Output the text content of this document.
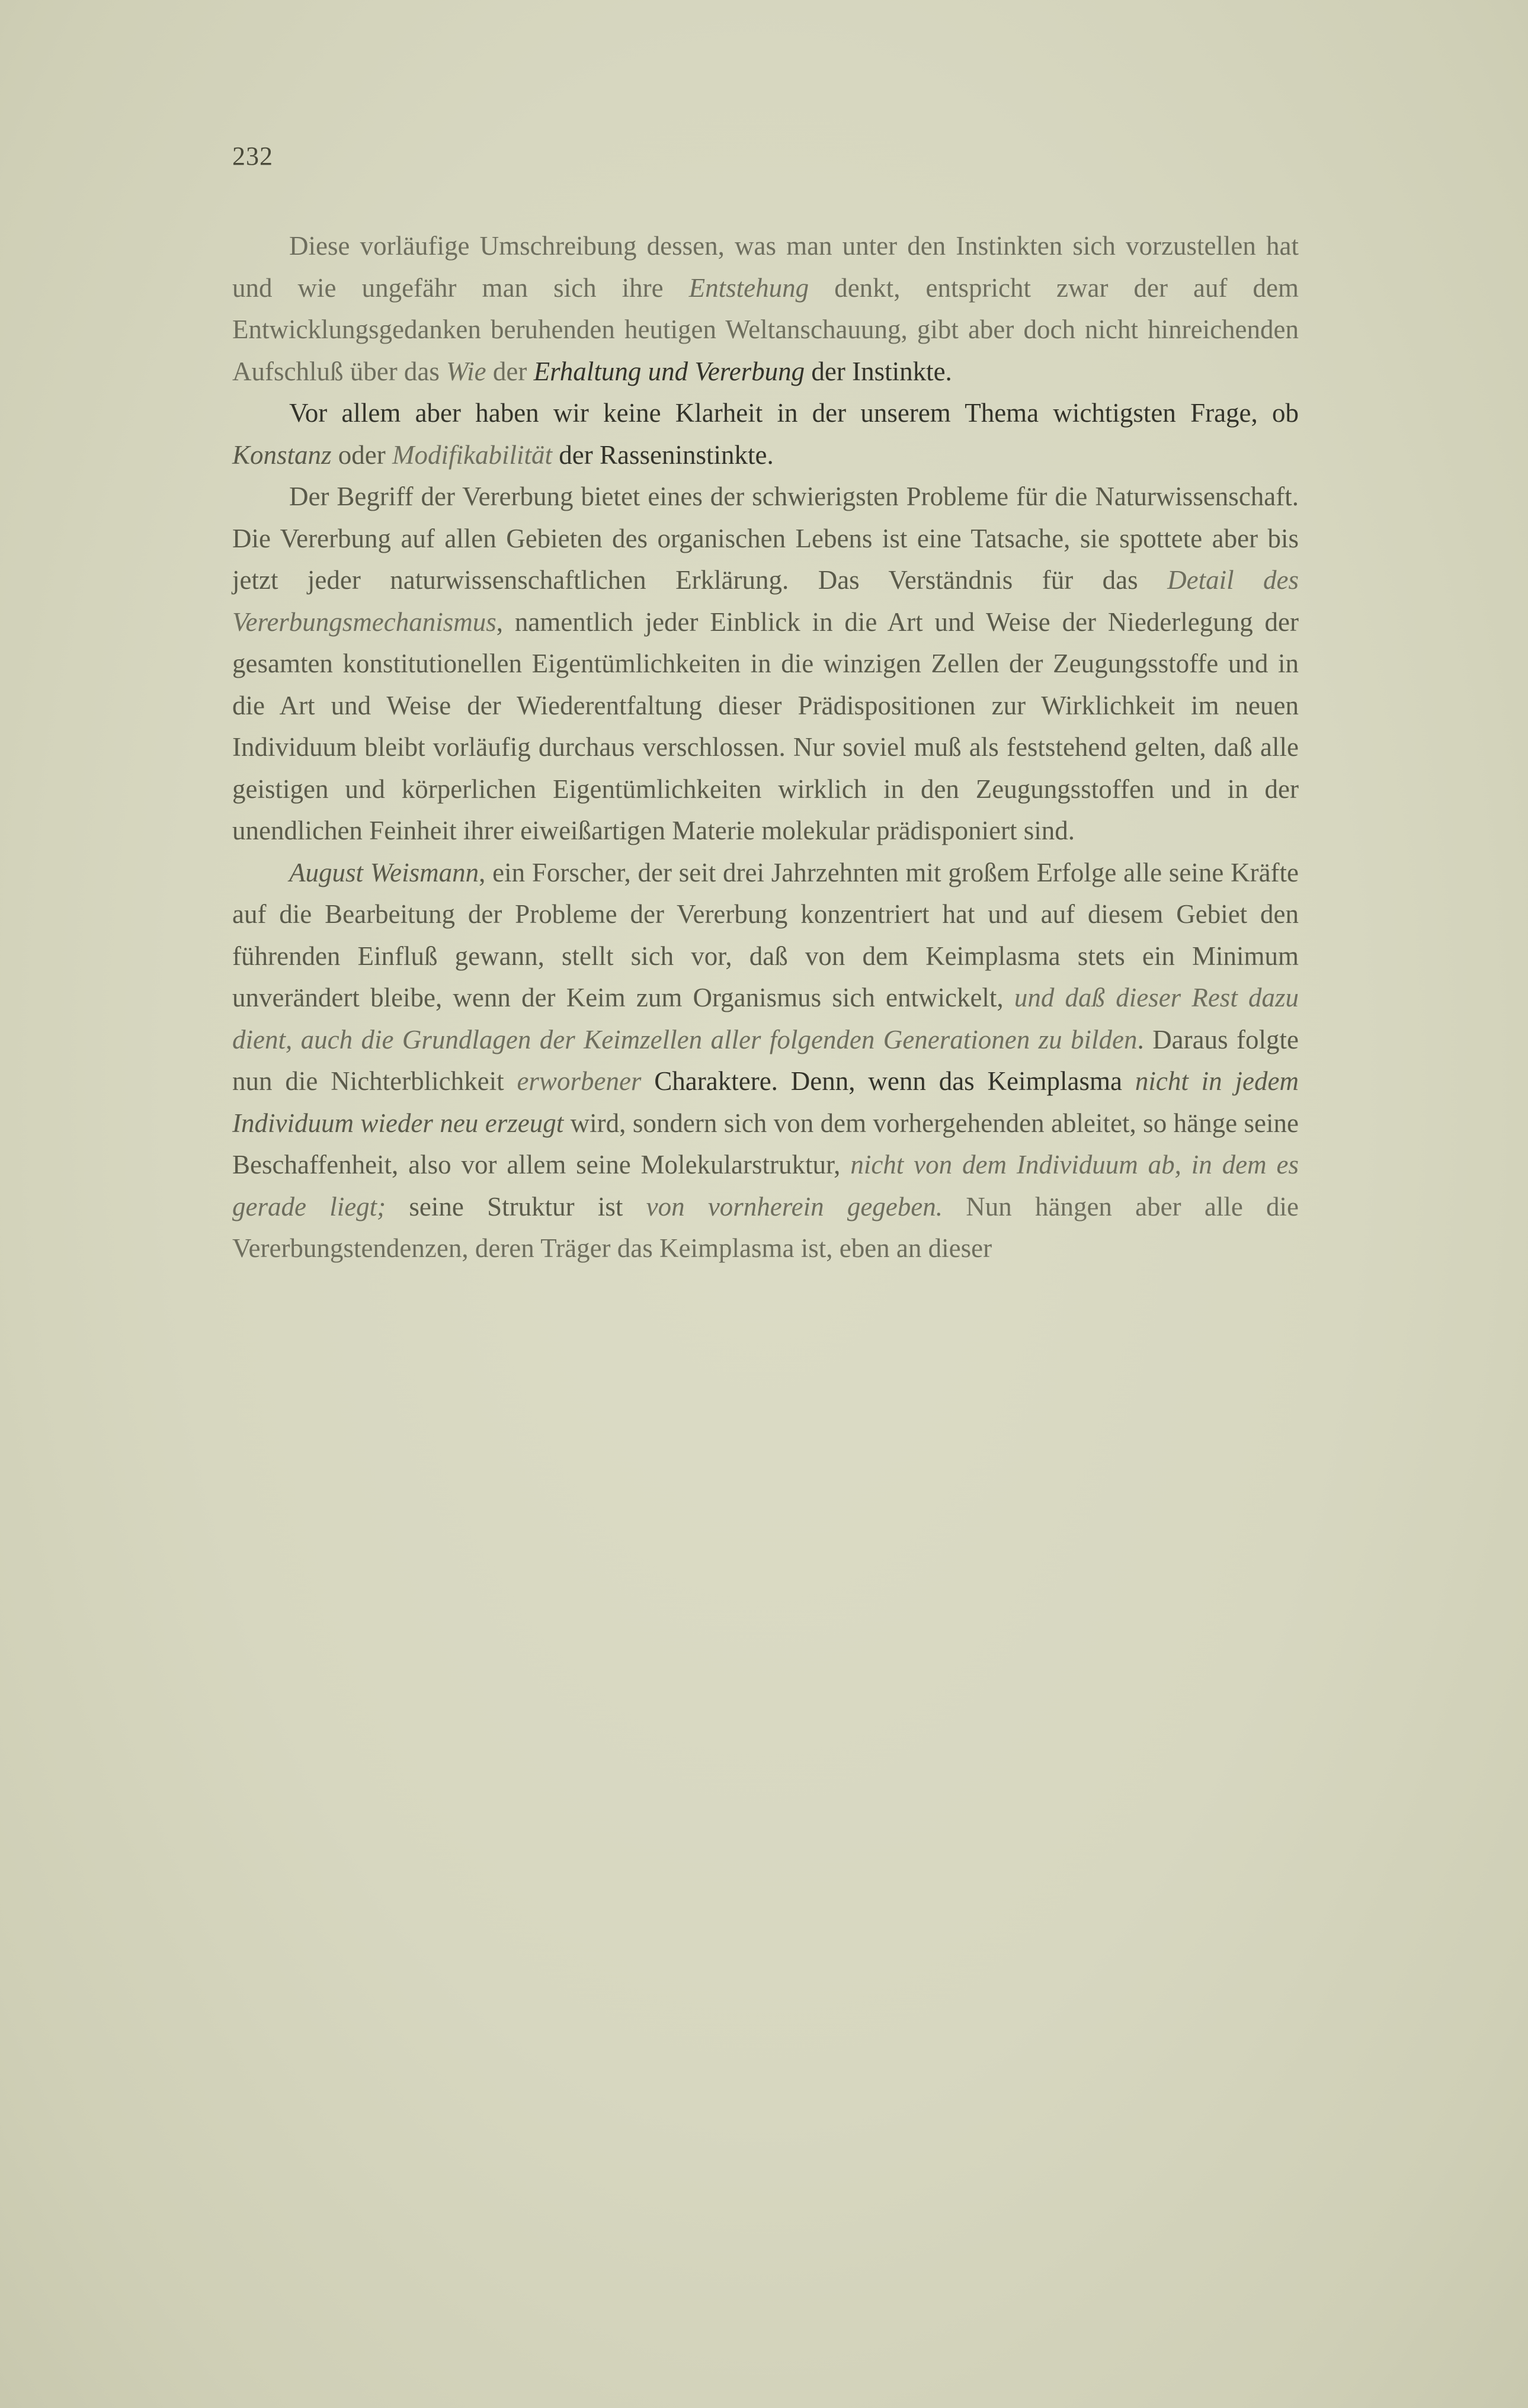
232

Diese vorläufige Umschreibung dessen, was man unter den Instinkten sich vorzustellen hat und wie ungefähr man sich ihre Entstehung denkt, entspricht zwar der auf dem Entwicklungsgedanken beruhenden heutigen Weltanschauung, gibt aber doch nicht hinreichenden Aufschluß über das Wie der Erhaltung und Vererbung der Instinkte.

Vor allem aber haben wir keine Klarheit in der unserem Thema wichtigsten Frage, ob Konstanz oder Modifikabilität der Rasseninstinkte.

Der Begriff der Vererbung bietet eines der schwierigsten Probleme für die Naturwissenschaft. Die Vererbung auf allen Gebieten des organischen Lebens ist eine Tatsache, sie spottete aber bis jetzt jeder naturwissenschaftlichen Erklärung. Das Verständnis für das Detail des Vererbungsmechanismus, namentlich jeder Einblick in die Art und Weise der Niederlegung der gesamten konstitutionellen Eigentümlichkeiten in die winzigen Zellen der Zeugungsstoffe und in die Art und Weise der Wiederentfaltung dieser Prädispositionen zur Wirklichkeit im neuen Individuum bleibt vorläufig durchaus verschlossen. Nur soviel muß als feststehend gelten, daß alle geistigen und körperlichen Eigentümlichkeiten wirklich in den Zeugungsstoffen und in der unendlichen Feinheit ihrer eiweißartigen Materie molekular prädisponiert sind.

August Weismann, ein Forscher, der seit drei Jahrzehnten mit großem Erfolge alle seine Kräfte auf die Bearbeitung der Probleme der Vererbung konzentriert hat und auf diesem Gebiet den führenden Einfluß gewann, stellt sich vor, daß von dem Keimplasma stets ein Minimum unverändert bleibe, wenn der Keim zum Organismus sich entwickelt, und daß dieser Rest dazu dient, auch die Grundlagen der Keimzellen aller folgenden Generationen zu bilden. Daraus folgte nun die Nichterblichkeit erworbener Charaktere. Denn, wenn das Keimplasma nicht in jedem Individuum wieder neu erzeugt wird, sondern sich von dem vorhergehenden ableitet, so hänge seine Beschaffenheit, also vor allem seine Molekularstruktur, nicht von dem Individuum ab, in dem es gerade liegt; seine Struktur ist von vornherein gegeben. Nun hängen aber alle die Vererbungstendenzen, deren Träger das Keimplasma ist, eben an dieser
